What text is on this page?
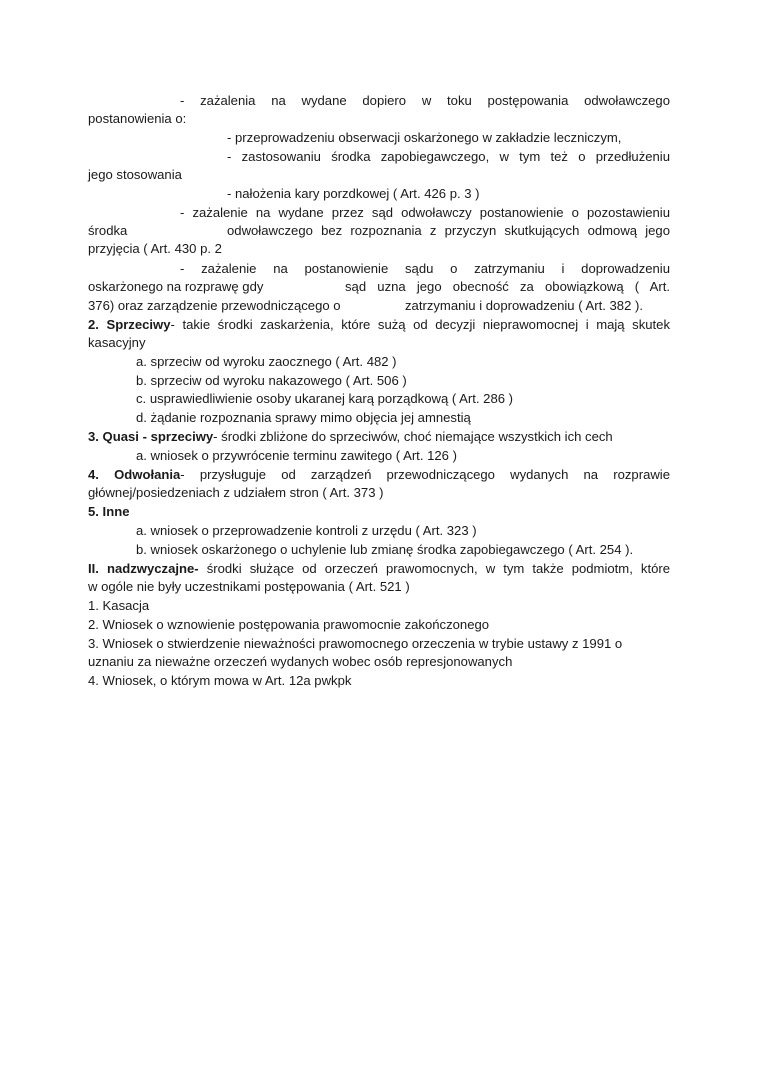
- zażalenia na wydane dopiero w toku postępowania odwoławczego
postanowienia o:
- przeprowadzeniu obserwacji oskarżonego w zakładzie leczniczym,
- zastosowaniu środka zapobiegawczego, w tym też o przedłużeniu
jego stosowania
- nałożenia kary porzdkowej ( Art. 426 p. 3 )
- zażalenie na wydane przez sąd odwoławczy postanowienie o pozostawieniu
środka	odwoławczego bez rozpoznania z przyczyn skutkujących odmową jego
przyjęcia ( Art. 430 p. 2
- zażalenie na postanowienie sądu o zatrzymaniu i doprowadzeniu
oskarżonego na rozprawę gdy	sąd uzna jego obecność za obowiązkową ( Art.
376) oraz zarządzenie przewodniczącego o	zatrzymaniu i doprowadzeniu ( Art. 382 ).
2. Sprzeciwy- takie środki zaskarżenia, które sużą od decyzji nieprawomocnej i mają skutek
kasacyjny
a. sprzeciw od wyroku zaocznego ( Art. 482 )
b. sprzeciw od wyroku nakazowego ( Art. 506 )
c. usprawiedliwienie osoby ukaranej karą porządkową ( Art. 286 )
d. żądanie rozpoznania sprawy mimo objęcia jej amnestią
3. Quasi - sprzeciwy- środki zbliżone do sprzeciwów, choć niemające wszystkich ich cech
a. wniosek o przywrócenie terminu zawitego ( Art. 126 )
4. Odwołania- przysługuje od zarządzeń przewodniczącego wydanych na rozprawie
głównej/posiedzeniach z udziałem stron ( Art. 373 )
5. Inne
a. wniosek o przeprowadzenie kontroli z urzędu ( Art. 323 )
b. wniosek oskarżonego o uchylenie lub zmianę środka zapobiegawczego ( Art. 254 ).
II. nadzwyczajne- środki służące od orzeczeń prawomocnych, w tym także podmiotm, które
w ogóle nie były uczestnikami postępowania ( Art. 521 )
1. Kasacja
2. Wniosek o wznowienie postępowania prawomocnie zakończonego
3. Wniosek o stwierdzenie nieważności prawomocnego orzeczenia w trybie ustawy z 1991 o
uznaniu za nieważne orzeczeń wydanych wobec osób represjonowanych
4. Wniosek, o którym mowa w Art. 12a pwkpk
